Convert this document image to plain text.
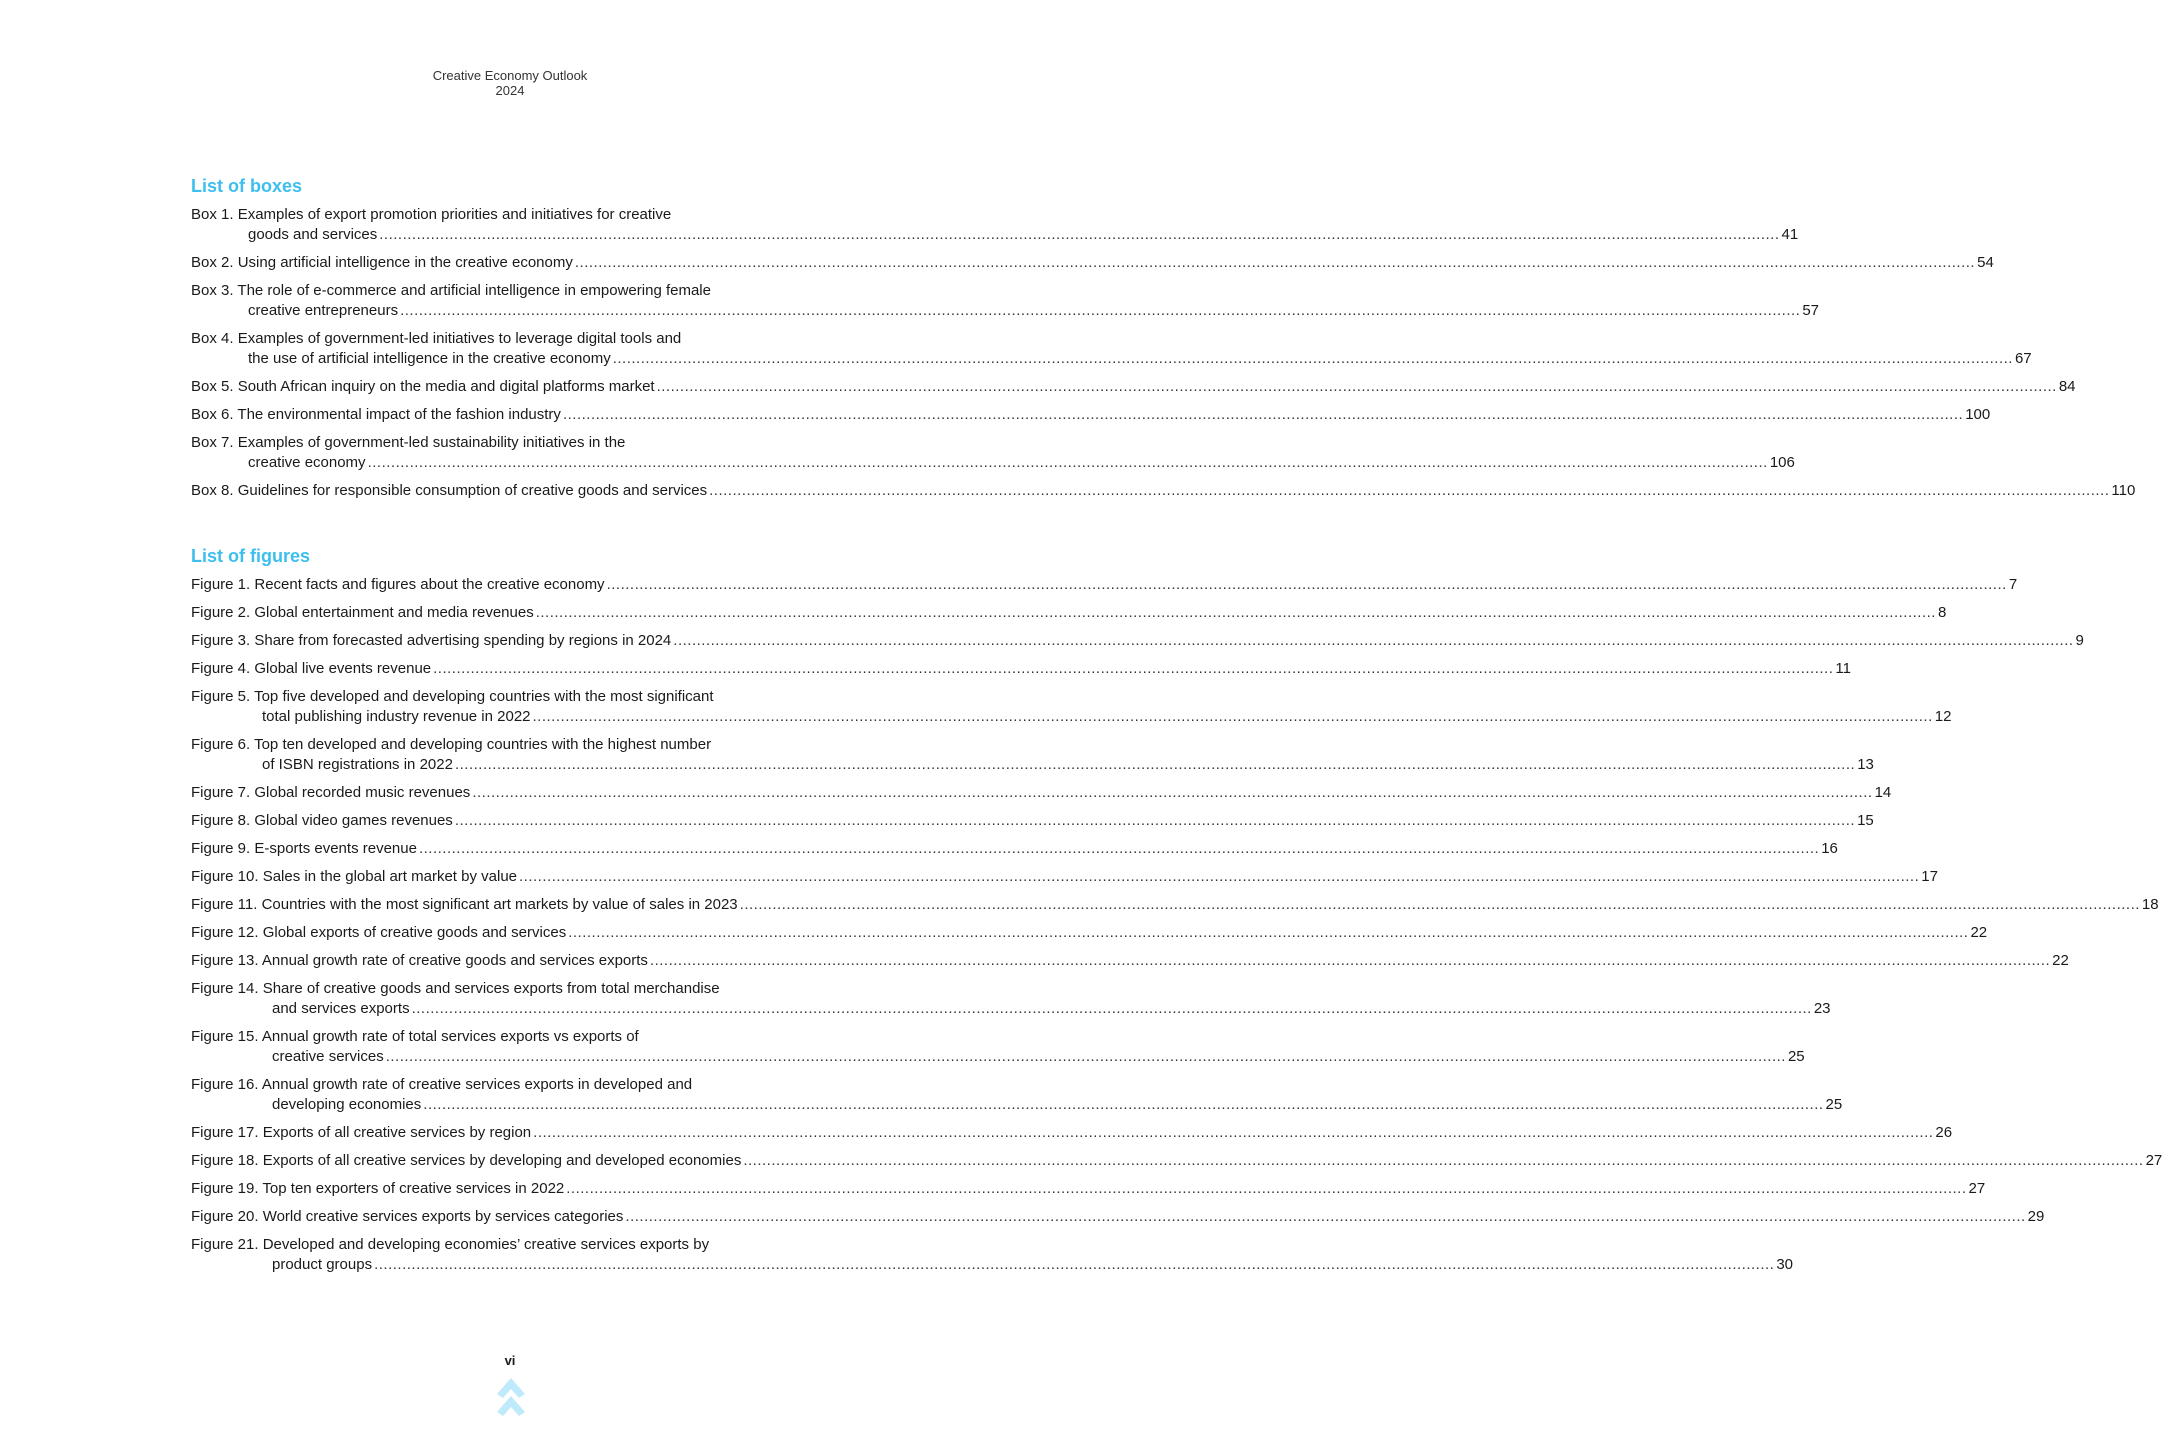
Creative Economy Outlook
2024
List of boxes
Box 1. Examples of export promotion priorities and initiatives for creative
goods and services ............................................................................................................................................................................................................................................................................................................ 41
Box 2. Using artificial intelligence in the creative economy ............................................................................................................................................................................................................................................................................................................ 54
Box 3. The role of e-commerce and artificial intelligence in empowering female
creative entrepreneurs ............................................................................................................................................................................................................................................................................................................ 57
Box 4. Examples of government-led initiatives to leverage digital tools and
the use of artificial intelligence in the creative economy ............................................................................................................................................................................................................................................................................................................ 67
Box 5. South African inquiry on the media and digital platforms market ............................................................................................................................................................................................................................................................................................................ 84
Box 6. The environmental impact of the fashion industry ............................................................................................................................................................................................................................................................................................................ 100
Box 7. Examples of government-led sustainability initiatives in the
creative economy ............................................................................................................................................................................................................................................................................................................ 106
Box 8. Guidelines for responsible consumption of creative goods and services ............................................................................................................................................................................................................................................................................................................ 110
List of figures
Figure 1. Recent facts and figures about the creative economy ............................................................................................................................................................................................................................................................................................................ 7
Figure 2. Global entertainment and media revenues ............................................................................................................................................................................................................................................................................................................ 8
Figure 3. Share from forecasted advertising spending by regions in 2024 ............................................................................................................................................................................................................................................................................................................ 9
Figure 4. Global live events revenue ............................................................................................................................................................................................................................................................................................................ 11
Figure 5. Top five developed and developing countries with the most significant
total publishing industry revenue in 2022 ............................................................................................................................................................................................................................................................................................................ 12
Figure 6. Top ten developed and developing countries with the highest number
of ISBN registrations in 2022 ............................................................................................................................................................................................................................................................................................................ 13
Figure 7. Global recorded music revenues ............................................................................................................................................................................................................................................................................................................ 14
Figure 8. Global video games revenues ............................................................................................................................................................................................................................................................................................................ 15
Figure 9. E-sports events revenue ............................................................................................................................................................................................................................................................................................................ 16
Figure 10. Sales in the global art market by value ............................................................................................................................................................................................................................................................................................................ 17
Figure 11. Countries with the most significant art markets by value of sales in 2023 ............................................................................................................................................................................................................................................................................................................ 18
Figure 12. Global exports of creative goods and services ............................................................................................................................................................................................................................................................................................................ 22
Figure 13. Annual growth rate of creative goods and services exports ............................................................................................................................................................................................................................................................................................................ 22
Figure 14. Share of creative goods and services exports from total merchandise
and services exports ............................................................................................................................................................................................................................................................................................................ 23
Figure 15. Annual growth rate of total services exports vs exports of
creative services ............................................................................................................................................................................................................................................................................................................ 25
Figure 16. Annual growth rate of creative services exports in developed and
developing economies ............................................................................................................................................................................................................................................................................................................ 25
Figure 17. Exports of all creative services by region ............................................................................................................................................................................................................................................................................................................ 26
Figure 18. Exports of all creative services by developing and developed economies ............................................................................................................................................................................................................................................................................................................ 27
Figure 19. Top ten exporters of creative services in 2022 ............................................................................................................................................................................................................................................................................................................ 27
Figure 20. World creative services exports by services categories ............................................................................................................................................................................................................................................................................................................ 29
Figure 21. Developed and developing economies’ creative services exports by
product groups ............................................................................................................................................................................................................................................................................................................ 30
vi
